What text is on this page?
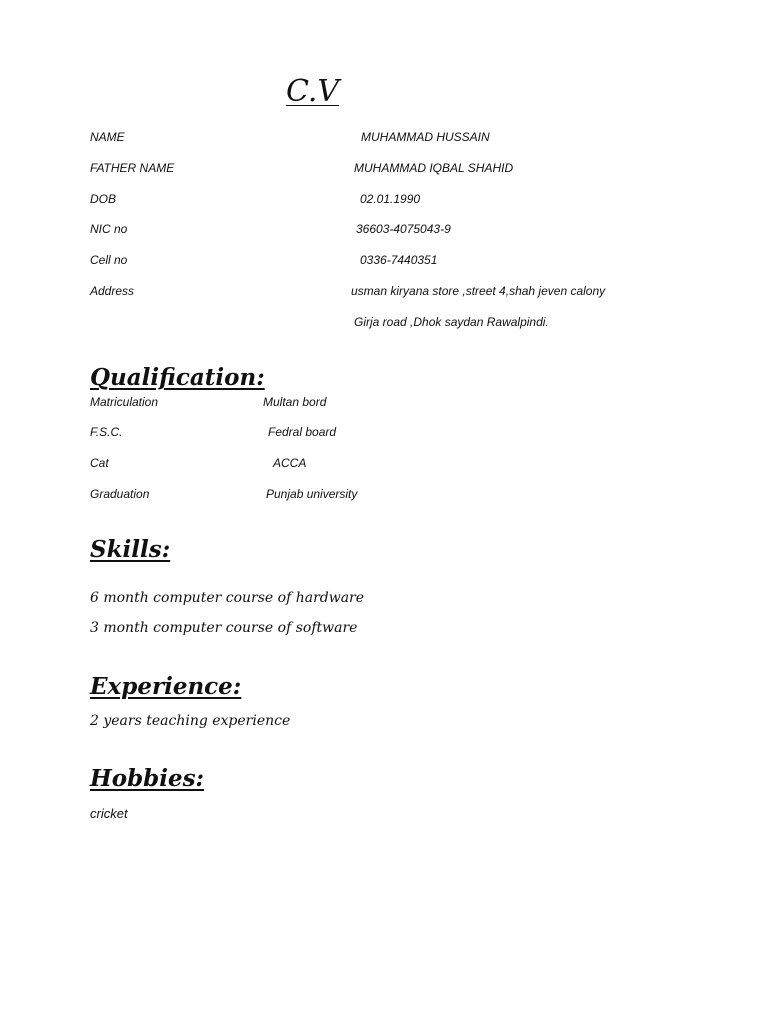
C.V
NAME	MUHAMMAD HUSSAIN
FATHER NAME	MUHAMMAD IQBAL SHAHID
DOB	02.01.1990
NIC no	36603-4075043-9
Cell no	0336-7440351
Address	usman kiryana store ,street 4,shah jeven calony
Girja road ,Dhok saydan Rawalpindi.
Qualification:
Matriculation	Multan bord
F.S.C.	Fedral board
Cat	ACCA
Graduation	Punjab university
Skills:

6 month computer course of hardware

3 month computer course of software

Experience:

2 years teaching experience

Hobbies:

cricket
